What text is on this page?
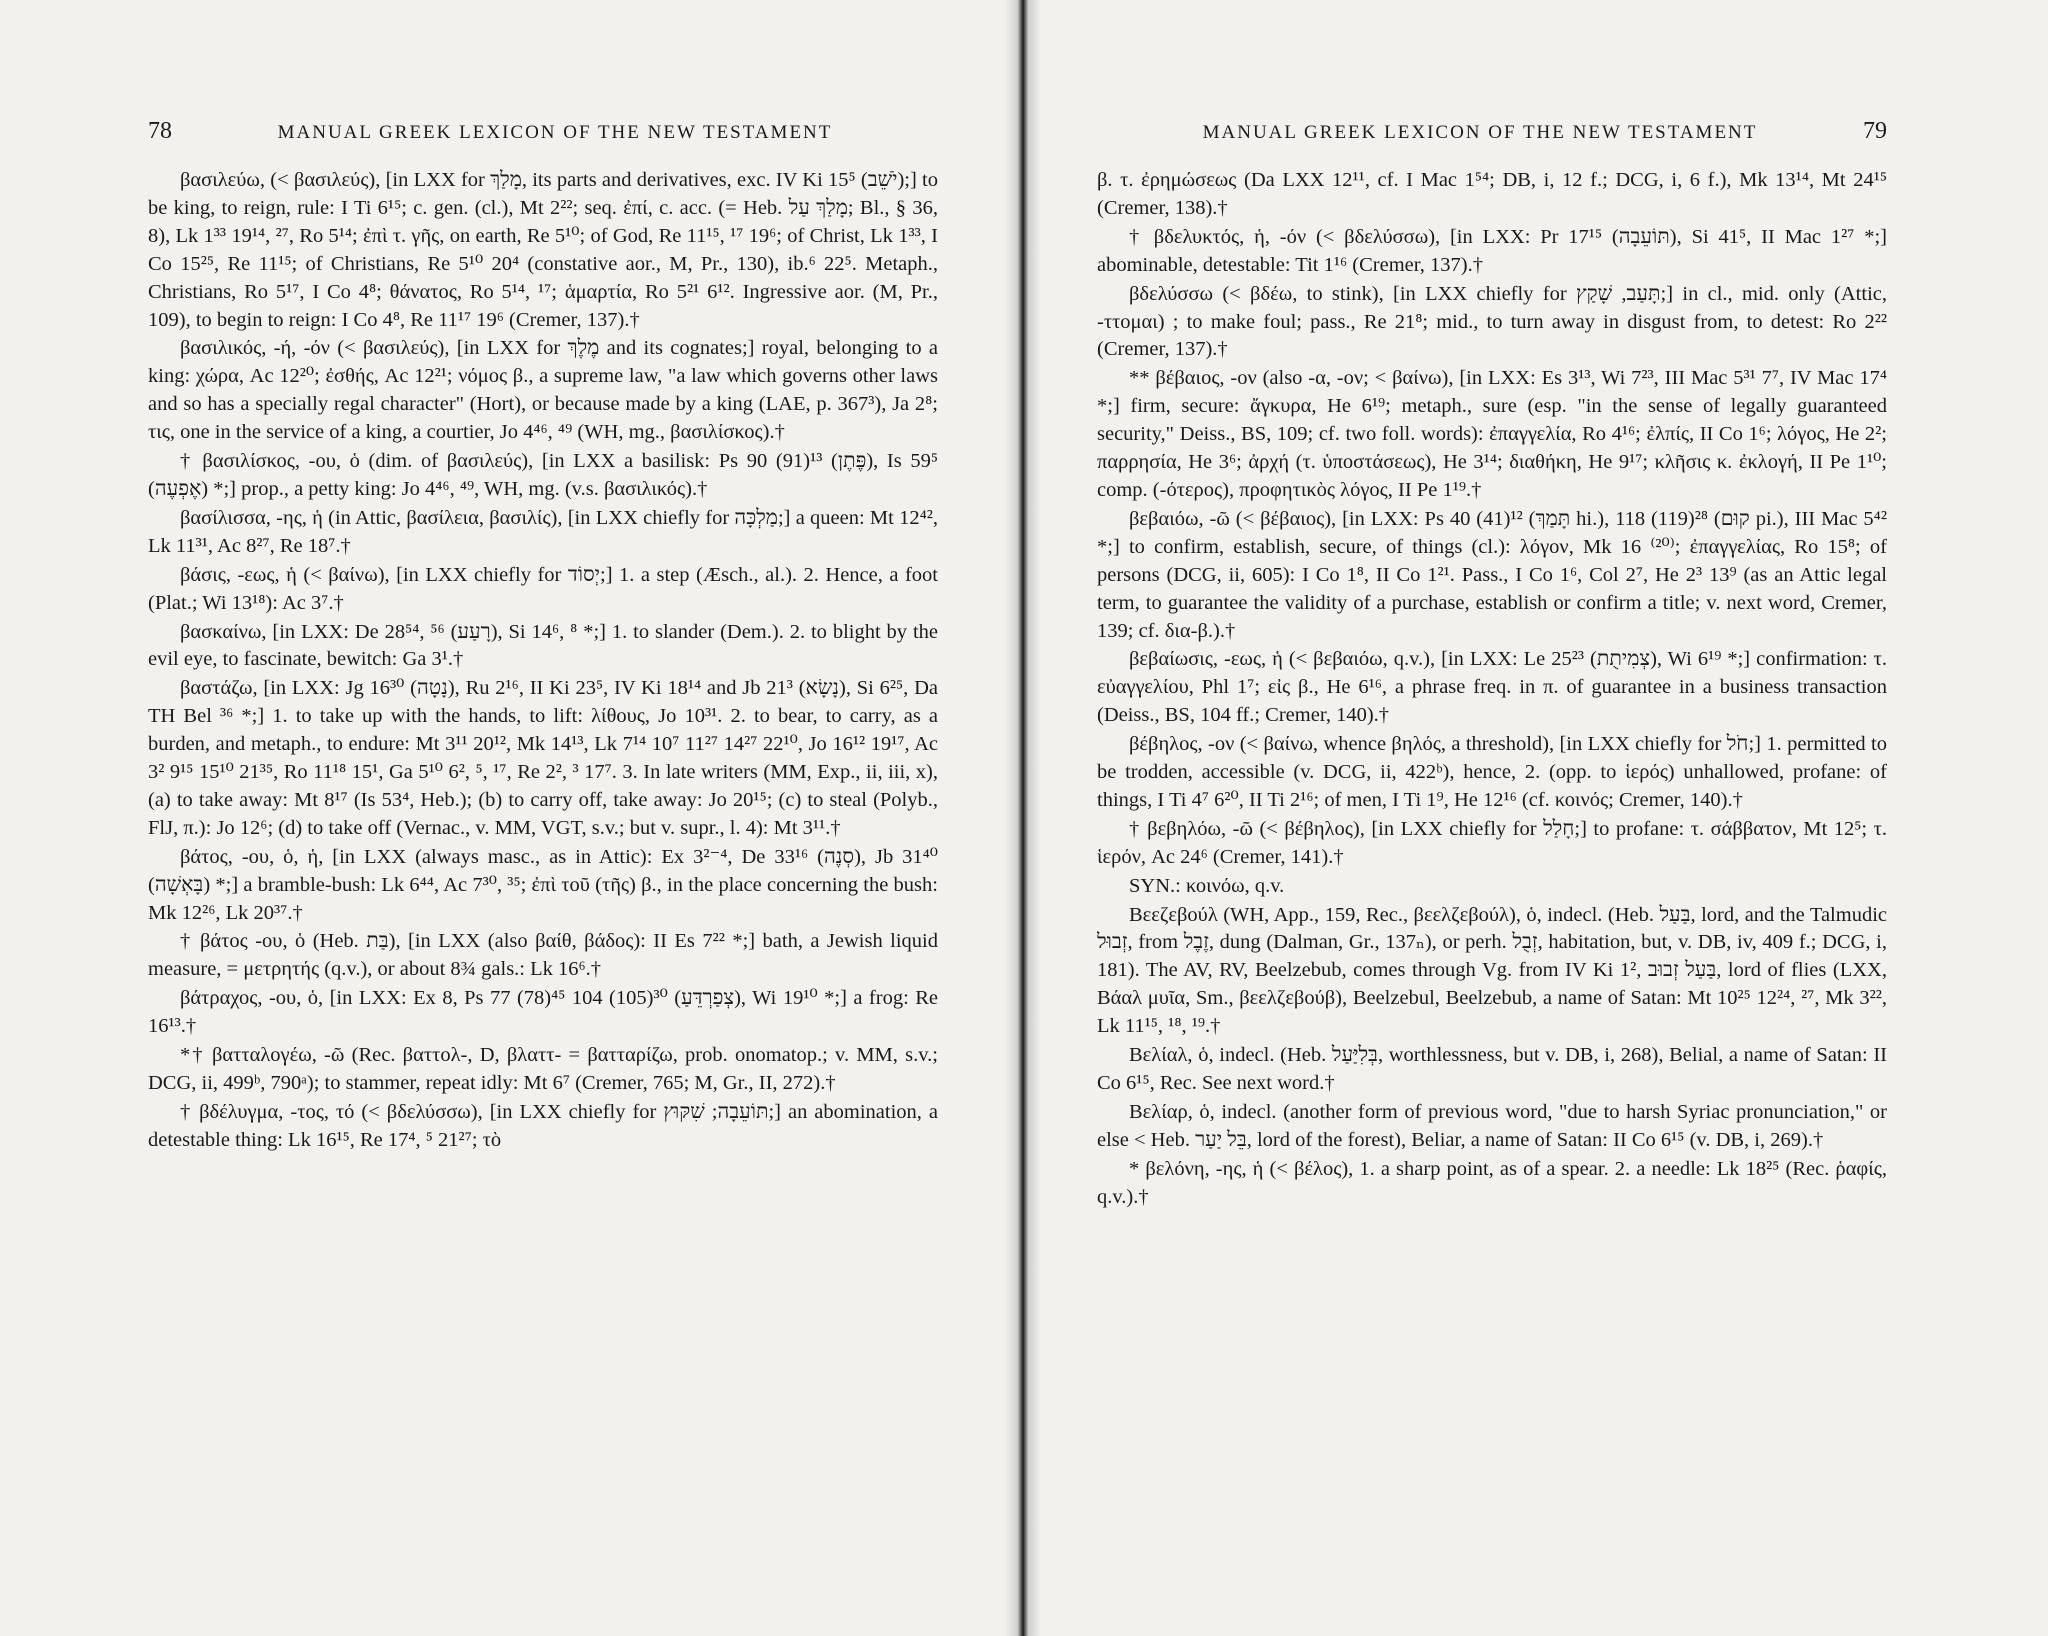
78	MANUAL GREEK LEXICON OF THE NEW TESTAMENT

βασιλεύω, (< βασιλεύς), [in LXX for מָלַךְ, its parts and derivatives, exc. IV Ki 15⁵ (יֹשֵׁב);] to be king, to reign, rule: I Ti 6¹⁵; c. gen. (cl.), Mt 2²²; seq. ἐπί, c. acc. (= Heb. מָלַךְ עַל; Bl., § 36, 8), Lk 1³³ 19¹⁴, ²⁷, Ro 5¹⁴; ἐπὶ τ. γῆς, on earth, Re 5¹⁰; of God, Re 11¹⁵, ¹⁷ 19⁶; of Christ, Lk 1³³, I Co 15²⁵, Re 11¹⁵; of Christians, Re 5¹⁰ 20⁴ (constative aor., M, Pr., 130), ib.⁶ 22⁵. Metaph., Christians, Ro 5¹⁷, I Co 4⁸; θάνατος, Ro 5¹⁴, ¹⁷; ἁμαρτία, Ro 5²¹ 6¹². Ingressive aor. (M, Pr., 109), to begin to reign: I Co 4⁸, Re 11¹⁷ 19⁶ (Cremer, 137).†

βασιλικός, -ή, -όν (< βασιλεύς), [in LXX for מֶלֶךְ and its cognates;] royal, belonging to a king: χώρα, Ac 12²⁰; ἐσθής, Ac 12²¹; νόμος β., a supreme law, "a law which governs other laws and so has a specially regal character" (Hort), or because made by a king (LAE, p. 367³), Ja 2⁸; τις, one in the service of a king, a courtier, Jo 4⁴⁶, ⁴⁹ (WH, mg., βασιλίσκος).†

† βασιλίσκος, -ου, ὁ (dim. of βασιλεύς), [in LXX a basilisk: Ps 90 (91)¹³ (פֶּתֶן), Is 59⁵ (אֶפְעֶה) *;] prop., a petty king: Jo 4⁴⁶, ⁴⁹, WH, mg. (v.s. βασιλικός).†

βασίλισσα, -ης, ἡ (in Attic, βασίλεια, βασιλίς), [in LXX chiefly for מַלְכָּה;] a queen: Mt 12⁴², Lk 11³¹, Ac 8²⁷, Re 18⁷.†

βάσις, -εως, ἡ (< βαίνω), [in LXX chiefly for יְסוֹד;] 1. a step (Æsch., al.). 2. Hence, a foot (Plat.; Wi 13¹⁸): Ac 3⁷.†

βασκαίνω, [in LXX: De 28⁵⁴, ⁵⁶ (רָעַע), Si 14⁶, ⁸ *;] 1. to slander (Dem.). 2. to blight by the evil eye, to fascinate, bewitch: Ga 3¹.†

βαστάζω, [in LXX: Jg 16³⁰ (נָטָה), Ru 2¹⁶, II Ki 23⁵, IV Ki 18¹⁴ and Jb 21³ (נָשָׂא), Si 6²⁵, Da TH Bel ³⁶ *;] 1. to take up with the hands, to lift: λίθους, Jo 10³¹. 2. to bear, to carry, as a burden, and metaph., to endure: Mt 3¹¹ 20¹², Mk 14¹³, Lk 7¹⁴ 10⁷ 11²⁷ 14²⁷ 22¹⁰, Jo 16¹² 19¹⁷, Ac 3² 9¹⁵ 15¹⁰ 21³⁵, Ro 11¹⁸ 15¹, Ga 5¹⁰ 6², ⁵, ¹⁷, Re 2², ³ 17⁷. 3. In late writers (MM, Exp., ii, iii, x), (a) to take away: Mt 8¹⁷ (Is 53⁴, Heb.); (b) to carry off, take away: Jo 20¹⁵; (c) to steal (Polyb., FlJ, π.): Jo 12⁶; (d) to take off (Vernac., v. MM, VGT, s.v.; but v. supr., l. 4): Mt 3¹¹.†

βάτος, -ου, ὁ, ἡ, [in LXX (always masc., as in Attic): Ex 3²⁻⁴, De 33¹⁶ (סְנֶה), Jb 31⁴⁰ (בָּאְשָׁה) *;] a bramble-bush: Lk 6⁴⁴, Ac 7³⁰, ³⁵; ἐπὶ τοῦ (τῆς) β., in the place concerning the bush: Mk 12²⁶, Lk 20³⁷.†

† βάτος -ου, ὁ (Heb. בַּת), [in LXX (also βαίθ, βάδος): II Es 7²² *;] bath, a Jewish liquid measure, = μετρητής (q.v.), or about 8¾ gals.: Lk 16⁶.†

βάτραχος, -ου, ὁ, [in LXX: Ex 8, Ps 77 (78)⁴⁵ 104 (105)³⁰ (צְפַרְדֵּעַ), Wi 19¹⁰ *;] a frog: Re 16¹³.†

*† βατταλογέω, -ῶ (Rec. βαττολ-, D, βλαττ- = βατταρίζω, prob. onomatop.; v. MM, s.v.; DCG, ii, 499ᵇ, 790ᵃ); to stammer, repeat idly: Mt 6⁷ (Cremer, 765; M, Gr., II, 272).†

† βδέλυγμα, -τος, τό (< βδελύσσω), [in LXX chiefly for תּוֹעֵבָה; שִׁקּוּץ;] an abomination, a detestable thing: Lk 16¹⁵, Re 17⁴, ⁵ 21²⁷; τὸ

MANUAL GREEK LEXICON OF THE NEW TESTAMENT	79

β. τ. ἐρημώσεως (Da LXX 12¹¹, cf. I Mac 1⁵⁴; DB, i, 12 f.; DCG, i, 6 f.), Mk 13¹⁴, Mt 24¹⁵ (Cremer, 138).†

† βδελυκτός, ἡ, -όν (< βδελύσσω), [in LXX: Pr 17¹⁵ (תּוֹעֵבָה), Si 41⁵, II Mac 1²⁷ *;] abominable, detestable: Tit 1¹⁶ (Cremer, 137).†

βδελύσσω (< βδέω, to stink), [in LXX chiefly for תָּעַב, שָׁקַץ;] in cl., mid. only (Attic, -ττομαι) ; to make foul; pass., Re 21⁸; mid., to turn away in disgust from, to detest: Ro 2²² (Cremer, 137).†

** βέβαιος, -ον (also -α, -ον; < βαίνω), [in LXX: Es 3¹³, Wi 7²³, III Mac 5³¹ 7⁷, IV Mac 17⁴ *;] firm, secure: ἄγκυρα, He 6¹⁹; metaph., sure (esp. "in the sense of legally guaranteed security," Deiss., BS, 109; cf. two foll. words): ἐπαγγελία, Ro 4¹⁶; ἐλπίς, II Co 1⁶; λόγος, He 2²; παρρησία, He 3⁶; ἀρχή (τ. ὑποστάσεως), He 3¹⁴; διαθήκη, He 9¹⁷; κλῆσις κ. ἐκλογή, II Pe 1¹⁰; comp. (-ότερος), προφητικὸς λόγος, II Pe 1¹⁹.†

βεβαιόω, -ῶ (< βέβαιος), [in LXX: Ps 40 (41)¹² (תָּמַךְ hi.), 118 (119)²⁸ (קוּם pi.), III Mac 5⁴² *;] to confirm, establish, secure, of things (cl.): λόγον, Mk 16 ⁽²⁰⁾; ἐπαγγελίας, Ro 15⁸; of persons (DCG, ii, 605): I Co 1⁸, II Co 1²¹. Pass., I Co 1⁶, Col 2⁷, He 2³ 13⁹ (as an Attic legal term, to guarantee the validity of a purchase, establish or confirm a title; v. next word, Cremer, 139; cf. δια-β.).†

βεβαίωσις, -εως, ἡ (< βεβαιόω, q.v.), [in LXX: Le 25²³ (צְמִיתֻת), Wi 6¹⁹ *;] confirmation: τ. εὐαγγελίου, Phl 1⁷; εἰς β., He 6¹⁶, a phrase freq. in π. of guarantee in a business transaction (Deiss., BS, 104 ff.; Cremer, 140).†

βέβηλος, -ον (< βαίνω, whence βηλός, a threshold), [in LXX chiefly for חֹל;] 1. permitted to be trodden, accessible (v. DCG, ii, 422ᵇ), hence, 2. (opp. to ἱερός) unhallowed, profane: of things, I Ti 4⁷ 6²⁰, II Ti 2¹⁶; of men, I Ti 1⁹, He 12¹⁶ (cf. κοινός; Cremer, 140).†

† βεβηλόω, -ῶ (< βέβηλος), [in LXX chiefly for חָלַל;] to profane: τ. σάββατον, Mt 12⁵; τ. ἱερόν, Ac 24⁶ (Cremer, 141).†

SYN.: κοινόω, q.v.

Βεεζεβούλ (WH, App., 159, Rec., βεελζεβούλ), ὁ, indecl. (Heb. בַּעַל, lord, and the Talmudic זְבוּל, from זֶבֶל, dung (Dalman, Gr., 137ₙ), or perh. זְבֻל, habitation, but, v. DB, iv, 409 f.; DCG, i, 181). The AV, RV, Beelzebub, comes through Vg. from IV Ki 1², בַּעַל זְבוּב, lord of flies (LXX, Βάαλ μυῖα, Sm., βεελζεβούβ), Beelzebul, Beelzebub, a name of Satan: Mt 10²⁵ 12²⁴, ²⁷, Mk 3²², Lk 11¹⁵, ¹⁸, ¹⁹.†

Βελίαλ, ὁ, indecl. (Heb. בְּלִיַּעַל, worthlessness, but v. DB, i, 268), Belial, a name of Satan: II Co 6¹⁵, Rec. See next word.†

Βελίαρ, ὁ, indecl. (another form of previous word, "due to harsh Syriac pronunciation," or else < Heb. בֵּל יַעַר, lord of the forest), Beliar, a name of Satan: II Co 6¹⁵ (v. DB, i, 269).†

* βελόνη, -ης, ἡ (< βέλος), 1. a sharp point, as of a spear. 2. a needle: Lk 18²⁵ (Rec. ῥαφίς, q.v.).†
